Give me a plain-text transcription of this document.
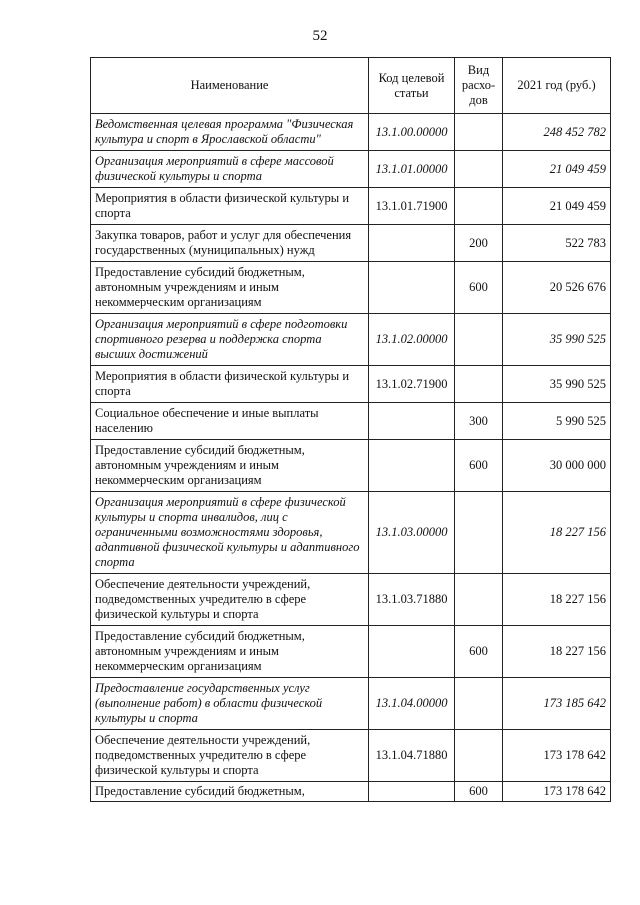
52
Наименование	Код целевой статьи	Вид расхо- дов	2021 год (руб.)
Ведомственная целевая программа "Физическая культура и спорт в Ярославской области"	13.1.00.00000		248 452 782
Организация мероприятий в сфере массовой физической культуры и спорта	13.1.01.00000		21 049 459
Мероприятия в области физической культуры и спорта	13.1.01.71900		21 049 459
Закупка товаров, работ и услуг для обеспечения государственных (муниципальных) нужд		200	522 783
Предоставление субсидий бюджетным, автономным учреждениям и иным некоммерческим организациям		600	20 526 676
Организация мероприятий в сфере подготовки спортивного резерва и поддержка спорта высших достижений	13.1.02.00000		35 990 525
Мероприятия в области физической культуры и спорта	13.1.02.71900		35 990 525
Социальное обеспечение и иные выплаты населению		300	5 990 525
Предоставление субсидий бюджетным, автономным учреждениям и иным некоммерческим организациям		600	30 000 000
Организация мероприятий в сфере физической культуры и спорта инвалидов, лиц с ограниченными возможностями здоровья, адаптивной физической культуры и адаптивного спорта	13.1.03.00000		18 227 156
Обеспечение деятельности учреждений, подведомственных учредителю в сфере физической культуры и спорта	13.1.03.71880		18 227 156
Предоставление субсидий бюджетным, автономным учреждениям и иным некоммерческим организациям		600	18 227 156
Предоставление государственных услуг (выполнение работ) в области физической культуры и спорта	13.1.04.00000		173 185 642
Обеспечение деятельности учреждений, подведомственных учредителю в сфере физической культуры и спорта	13.1.04.71880		173 178 642
Предоставление субсидий бюджетным,		600	173 178 642
